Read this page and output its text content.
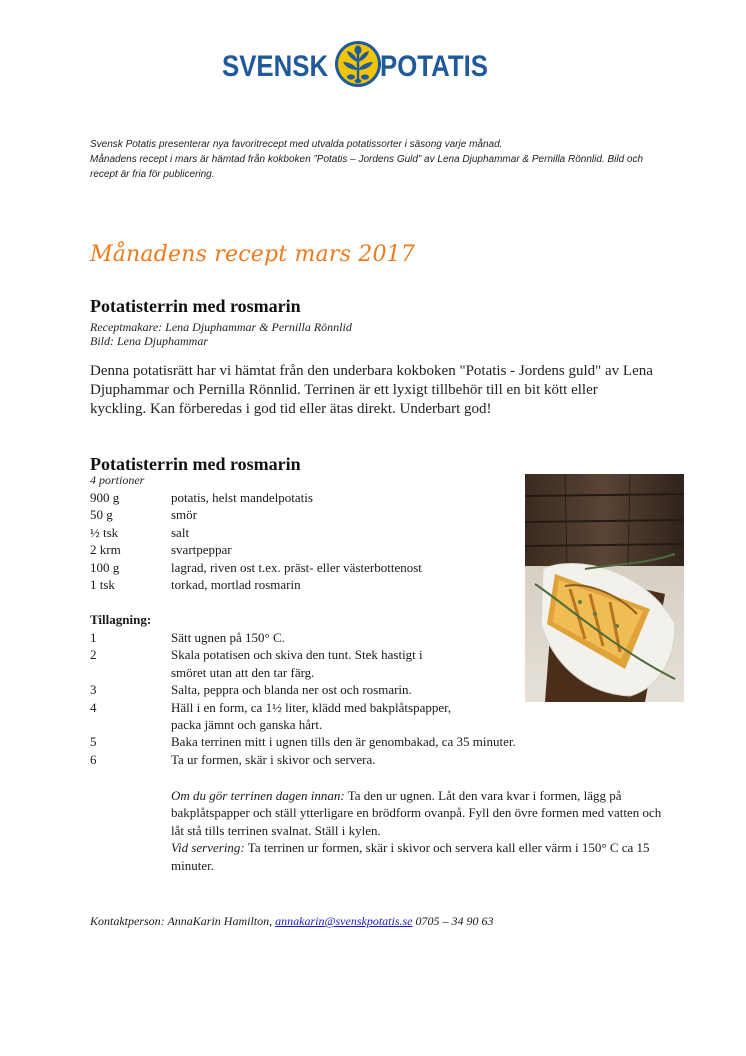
SVENSK POTATIS

Svensk Potatis presenterar nya favoritrecept med utvalda potatissorter i säsong varje månad.

Månadens recept i mars är hämtad från kokboken ”Potatis – Jordens Guld” av Lena Djuphammar & Pernilla Rönnlid. Bild och recept är fria för publicering.

Månadens recept mars 2017
Potatisterrin med rosmarin

Receptmakare: Lena Djuphammar & Pernilla Rönnlid

Bild: Lena Djuphammar

Denna potatisrätt har vi hämtat från den underbara kokboken "Potatis - Jordens guld" av Lena Djuphammar och Pernilla Rönnlid. Terrinen är ett lyxigt tillbehör till en bit kött eller kyckling. Kan förberedas i god tid eller ätas direkt. Underbart god!

Potatisterrin med rosmarin
4 portioner
900 g	potatis, helst mandelpotatis
50 g	smör
½ tsk	salt
2 krm	svartpeppar
100 g	lagrad, riven ost t.ex. präst- eller västerbottenost
1 tsk	torkad, mortlad rosmarin
Tillagning:
1	Sätt ugnen på 150° C.
2	Skala potatisen och skiva den tunt. Stek hastigt i
smöret utan att den tar färg.
3	Salta, peppra och blanda ner ost och rosmarin.
4	Häll i en form, ca 1½ liter, klädd med bakplåtspapper,
packa jämnt och ganska hårt.
5	Baka terrinen mitt i ugnen tills den är genombakad, ca 35 minuter.
6	Ta ur formen, skär i skivor och servera.

Om du gör terrinen dagen innan: Ta den ur ugnen. Låt den vara kvar i formen, lägg på bakplåtspapper och ställ ytterligare en brödform ovanpå. Fyll den övre formen med vatten och låt stå tills terrinen svalnat. Ställ i kylen.
Vid servering: Ta terrinen ur formen, skär i skivor och servera kall eller värm i 150° C ca 15 minuter.

Kontaktperson: AnnaKarin Hamilton, annakarin@svenskpotatis.se 0705 – 34 90 63
